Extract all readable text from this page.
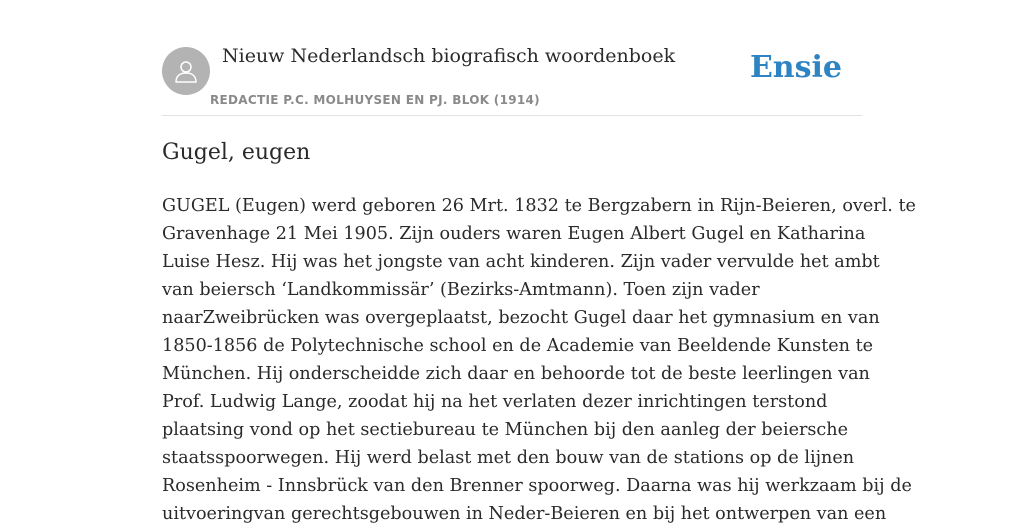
Nieuw Nederlandsch biografisch woordenboek
REDACTIE P.C. MOLHUYSEN EN PJ. BLOK (1914)
Ensie
Gugel, eugen

GUGEL (Eugen) werd geboren 26 Mrt. 1832 te Bergzabern in Rijn-Beieren, overl. te
Gravenhage 21 Mei 1905. Zijn ouders waren Eugen Albert Gugel en Katharina
Luise Hesz. Hij was het jongste van acht kinderen. Zijn vader vervulde het ambt
van beiersch ‘Landkommissär’ (Bezirks-Amtmann). Toen zijn vader
naarZweibrücken was overgeplaatst, bezocht Gugel daar het gymnasium en van
1850-1856 de Polytechnische school en de Academie van Beeldende Kunsten te
München. Hij onderscheidde zich daar en behoorde tot de beste leerlingen van
Prof. Ludwig Lange, zoodat hij na het verlaten dezer inrichtingen terstond
plaatsing vond op het sectiebureau te München bij den aanleg der beiersche
staatsspoorwegen. Hij werd belast met den bouw van de stations op de lijnen
Rosenheim - Innsbrück van den Brenner spoorweg. Daarna was hij werkzaam bij de
uitvoeringvan gerechtsgebouwen in Neder-Beieren en bij het ontwerpen van een
